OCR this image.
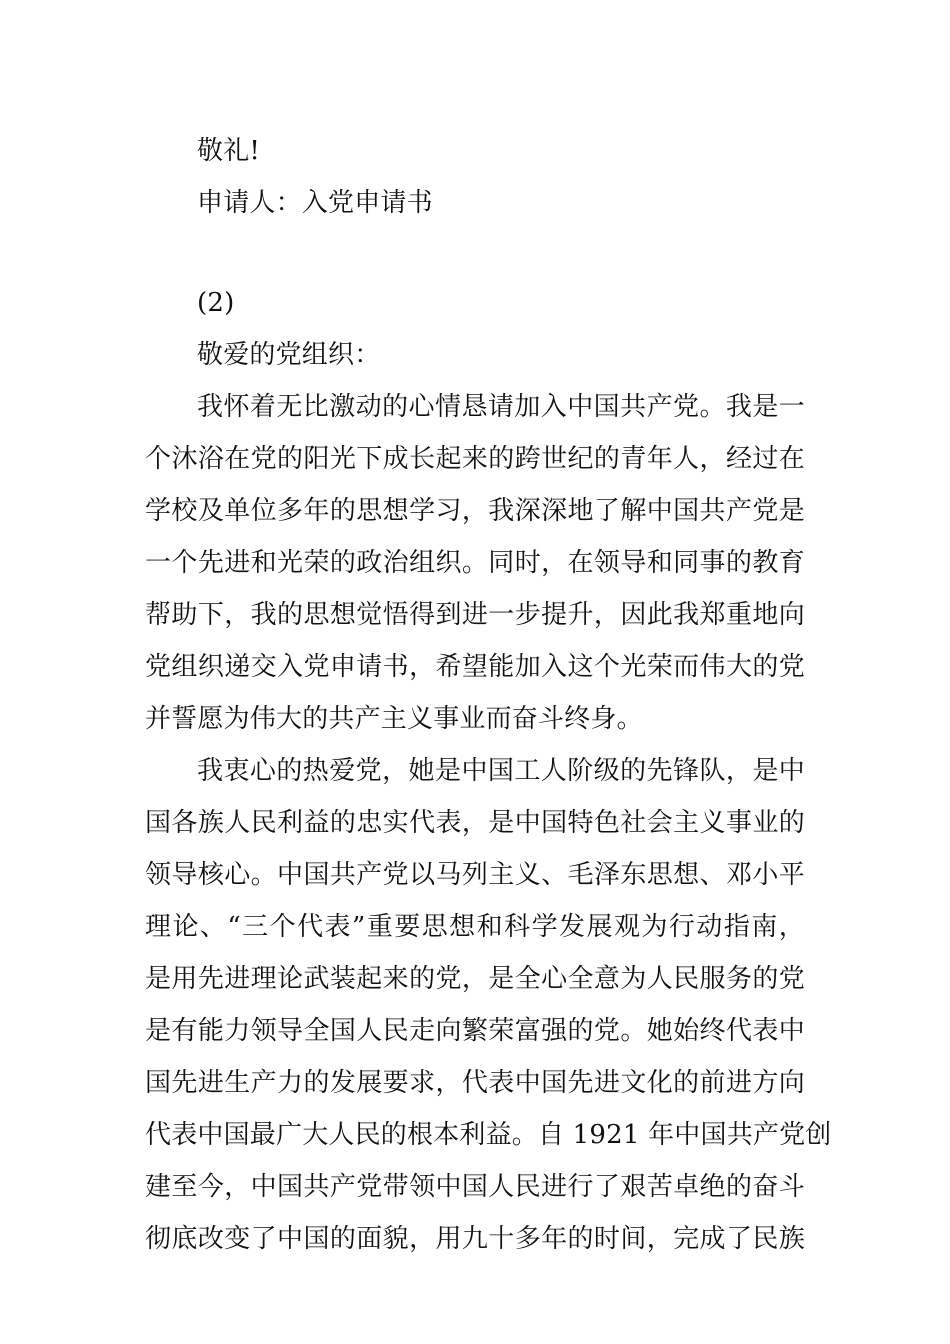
敬礼!
申请人：入党申请书
(2)
敬爱的党组织：
我怀着无比激动的心情恳请加入中国共产党。我是一
个沐浴在党的阳光下成长起来的跨世纪的青年人，经过在
学校及单位多年的思想学习，我深深地了解中国共产党是
一个先进和光荣的政治组织。同时，在领导和同事的教育
帮助下，我的思想觉悟得到进一步提升，因此我郑重地向
党组织递交入党申请书，希望能加入这个光荣而伟大的党
并誓愿为伟大的共产主义事业而奋斗终身。
我衷心的热爱党，她是中国工人阶级的先锋队，是中
国各族人民利益的忠实代表，是中国特色社会主义事业的
领导核心。中国共产党以马列主义、毛泽东思想、邓小平
理论、“三个代表”重要思想和科学发展观为行动指南，
是用先进理论武装起来的党，是全心全意为人民服务的党
是有能力领导全国人民走向繁荣富强的党。她始终代表中
国先进生产力的发展要求，代表中国先进文化的前进方向
代表中国最广大人民的根本利益。自 1921 年中国共产党创
建至今，中国共产党带领中国人民进行了艰苦卓绝的奋斗
彻底改变了中国的面貌，用九十多年的时间，完成了民族
